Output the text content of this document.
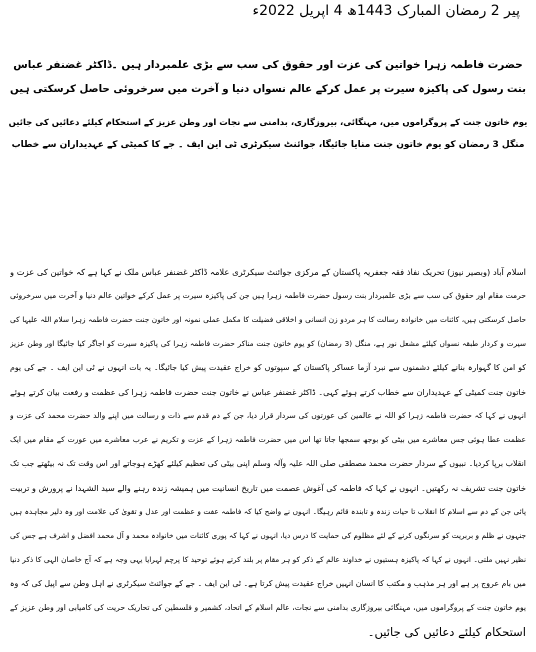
پیر 2 رمضان المبارک 1443ھ 4 اپریل 2022ء

حضرت فاطمہ زہرا خواتین کی عزت اور حقوق کی سب سے بڑی علمبردار ہیں ۔ڈاکٹر غضنفر عباس

بنت رسول کی پاکیزہ سیرت پر عمل کرکے عالم نسواں دنیا و آخرت میں سرخروئی حاصل کرسکتی ہیں

یوم خاتون جنت کے پروگراموں میں، مہنگائی، بیروزگاری، بدامنی سے نجات اور وطن عزیز کے استحکام کیلئے دعائیں کی جائیں

منگل 3 رمضان کو یوم خاتون جنت منایا جائیگا، جوائنٹ سیکرٹری ٹی این ایف ۔ جے کا کمیٹی کے عہدیداران سے خطاب

اسلام آباد (وبصیر نیوز) تحریک نفاذ فقہ جعفریہ پاکستان کے مرکزی جوائنٹ سیکرٹری علامہ ڈاکٹر غضنفر عباس ملک نے کہا ہے کہ خواتین کی عزت و
حرمت مقام اور حقوق کی سب سے بڑی علمبردار بنت رسول حضرت فاطمہ زہرا ہیں جن کی پاکیزہ سیرت پر عمل کرکے خواتین عالم دنیا و آخرت میں سرخروئی
حاصل کرسکتی ہیں، کائنات میں خانوادہ رسالت کا ہر مردو زن انسانی و اخلاقی فضیلت کا مکمل عملی نمونہ اور خاتون جنت حضرت فاطمہ زہرا سلام اللہ علیہا کی
سیرت و کردار طبقہ نسواں کیلئے مشعل نور ہے، منگل (3 رمضان) کو یوم خاتون جنت مناکر حضرت فاطمہ زہرا کی پاکیزہ سیرت کو اجاگر کیا جائیگا اور وطن عزیز
کو امن کا گہوارہ بنانے کیلئے دشمنوں سے نبرد آزما عساکر پاکستان کے سپوتوں کو خراج عقیدت پیش کیا جائیگا۔ یہ بات انہوں نے ٹی این ایف ۔ جے کی یوم
خاتون جنت کمیٹی کے عہدیداران سے خطاب کرتے ہوئے کہی۔ ڈاکٹر غضنفر عباس نے خاتون جنت حضرت فاطمہ زہرا کی عظمت و رفعت بیان کرتے ہوئے
انہوں نے کہا کہ حضرت فاطمہ زہرا کو اللہ نے عالمین کی عورتوں کی سردار قرار دیا، جن کے دم قدم سے ذات و رسالت میں اپنے والد حضرت محمد کی عزت و
عظمت عطا ہوئی جس معاشرے میں بیٹی کو بوجھ سمجھا جاتا تھا اس میں حضرت فاطمہ زہرا کے عزت و تکریم نے عرب معاشرے میں عورت کے مقام میں ایک
انقلاب برپا کردیا۔ نبیوں کے سردار حضرت محمد مصطفی صلی اللہ علیہ وآلہ وسلم اپنی بیٹی کی تعظیم کیلئے کھڑے ہوجاتے اور اس وقت تک نہ بیٹھتے جب تک
خاتون جنت تشریف نہ رکھتیں۔ انہوں نے کہا کہ فاطمہ کی آغوش عصمت میں تاریخ انسانیت میں ہمیشہ زندہ رہنے والے سید الشہدا نے پرورش و تربیت
پائی جن کے دم سے اسلام کا انقلاب تا حیات زندہ و تابندہ قائم رہیگا۔ انہوں نے واضح کیا کہ فاطمہ عفت و عظمت اور عدل و تقویٰ کی علامت اور وہ دلیر مجاہدہ ہیں
جنہوں نے ظلم و بربریت کو سرنگوں کرنے کے لئے مظلوم کی حمایت کا درس دیا، انہوں نے کہا کہ پوری کائنات میں خانوادہ محمد و آل محمد افضل و اشرف ہے جس کی
نظیر نہیں ملتی۔ انہوں نے کہا کہ پاکیزہ ہستیوں نے خداوند عالم کے ذکر کو ہر مقام پر بلند کرتے ہوئے توحید کا پرچم لہرایا یہی وجہ ہے کہ آج خاصان الہی کا ذکر دنیا
میں بام عروج پر ہے اور ہر مذہب و مکتب کا انسان انہیں خراج عقیدت پیش کرتا ہے۔ ٹی این ایف ۔ جے کے جوائنٹ سیکرٹری نے اہل وطن سے اپیل کی کہ وہ
یوم خاتون جنت کے پروگراموں میں، مہنگائی بیروزگاری بدامنی سے نجات، عالم اسلام کے اتحاد، کشمیر و فلسطین کی تحاریک حریت کی کامیابی اور وطن عزیز کے
استحکام کیلئے دعائیں کی جائیں۔
